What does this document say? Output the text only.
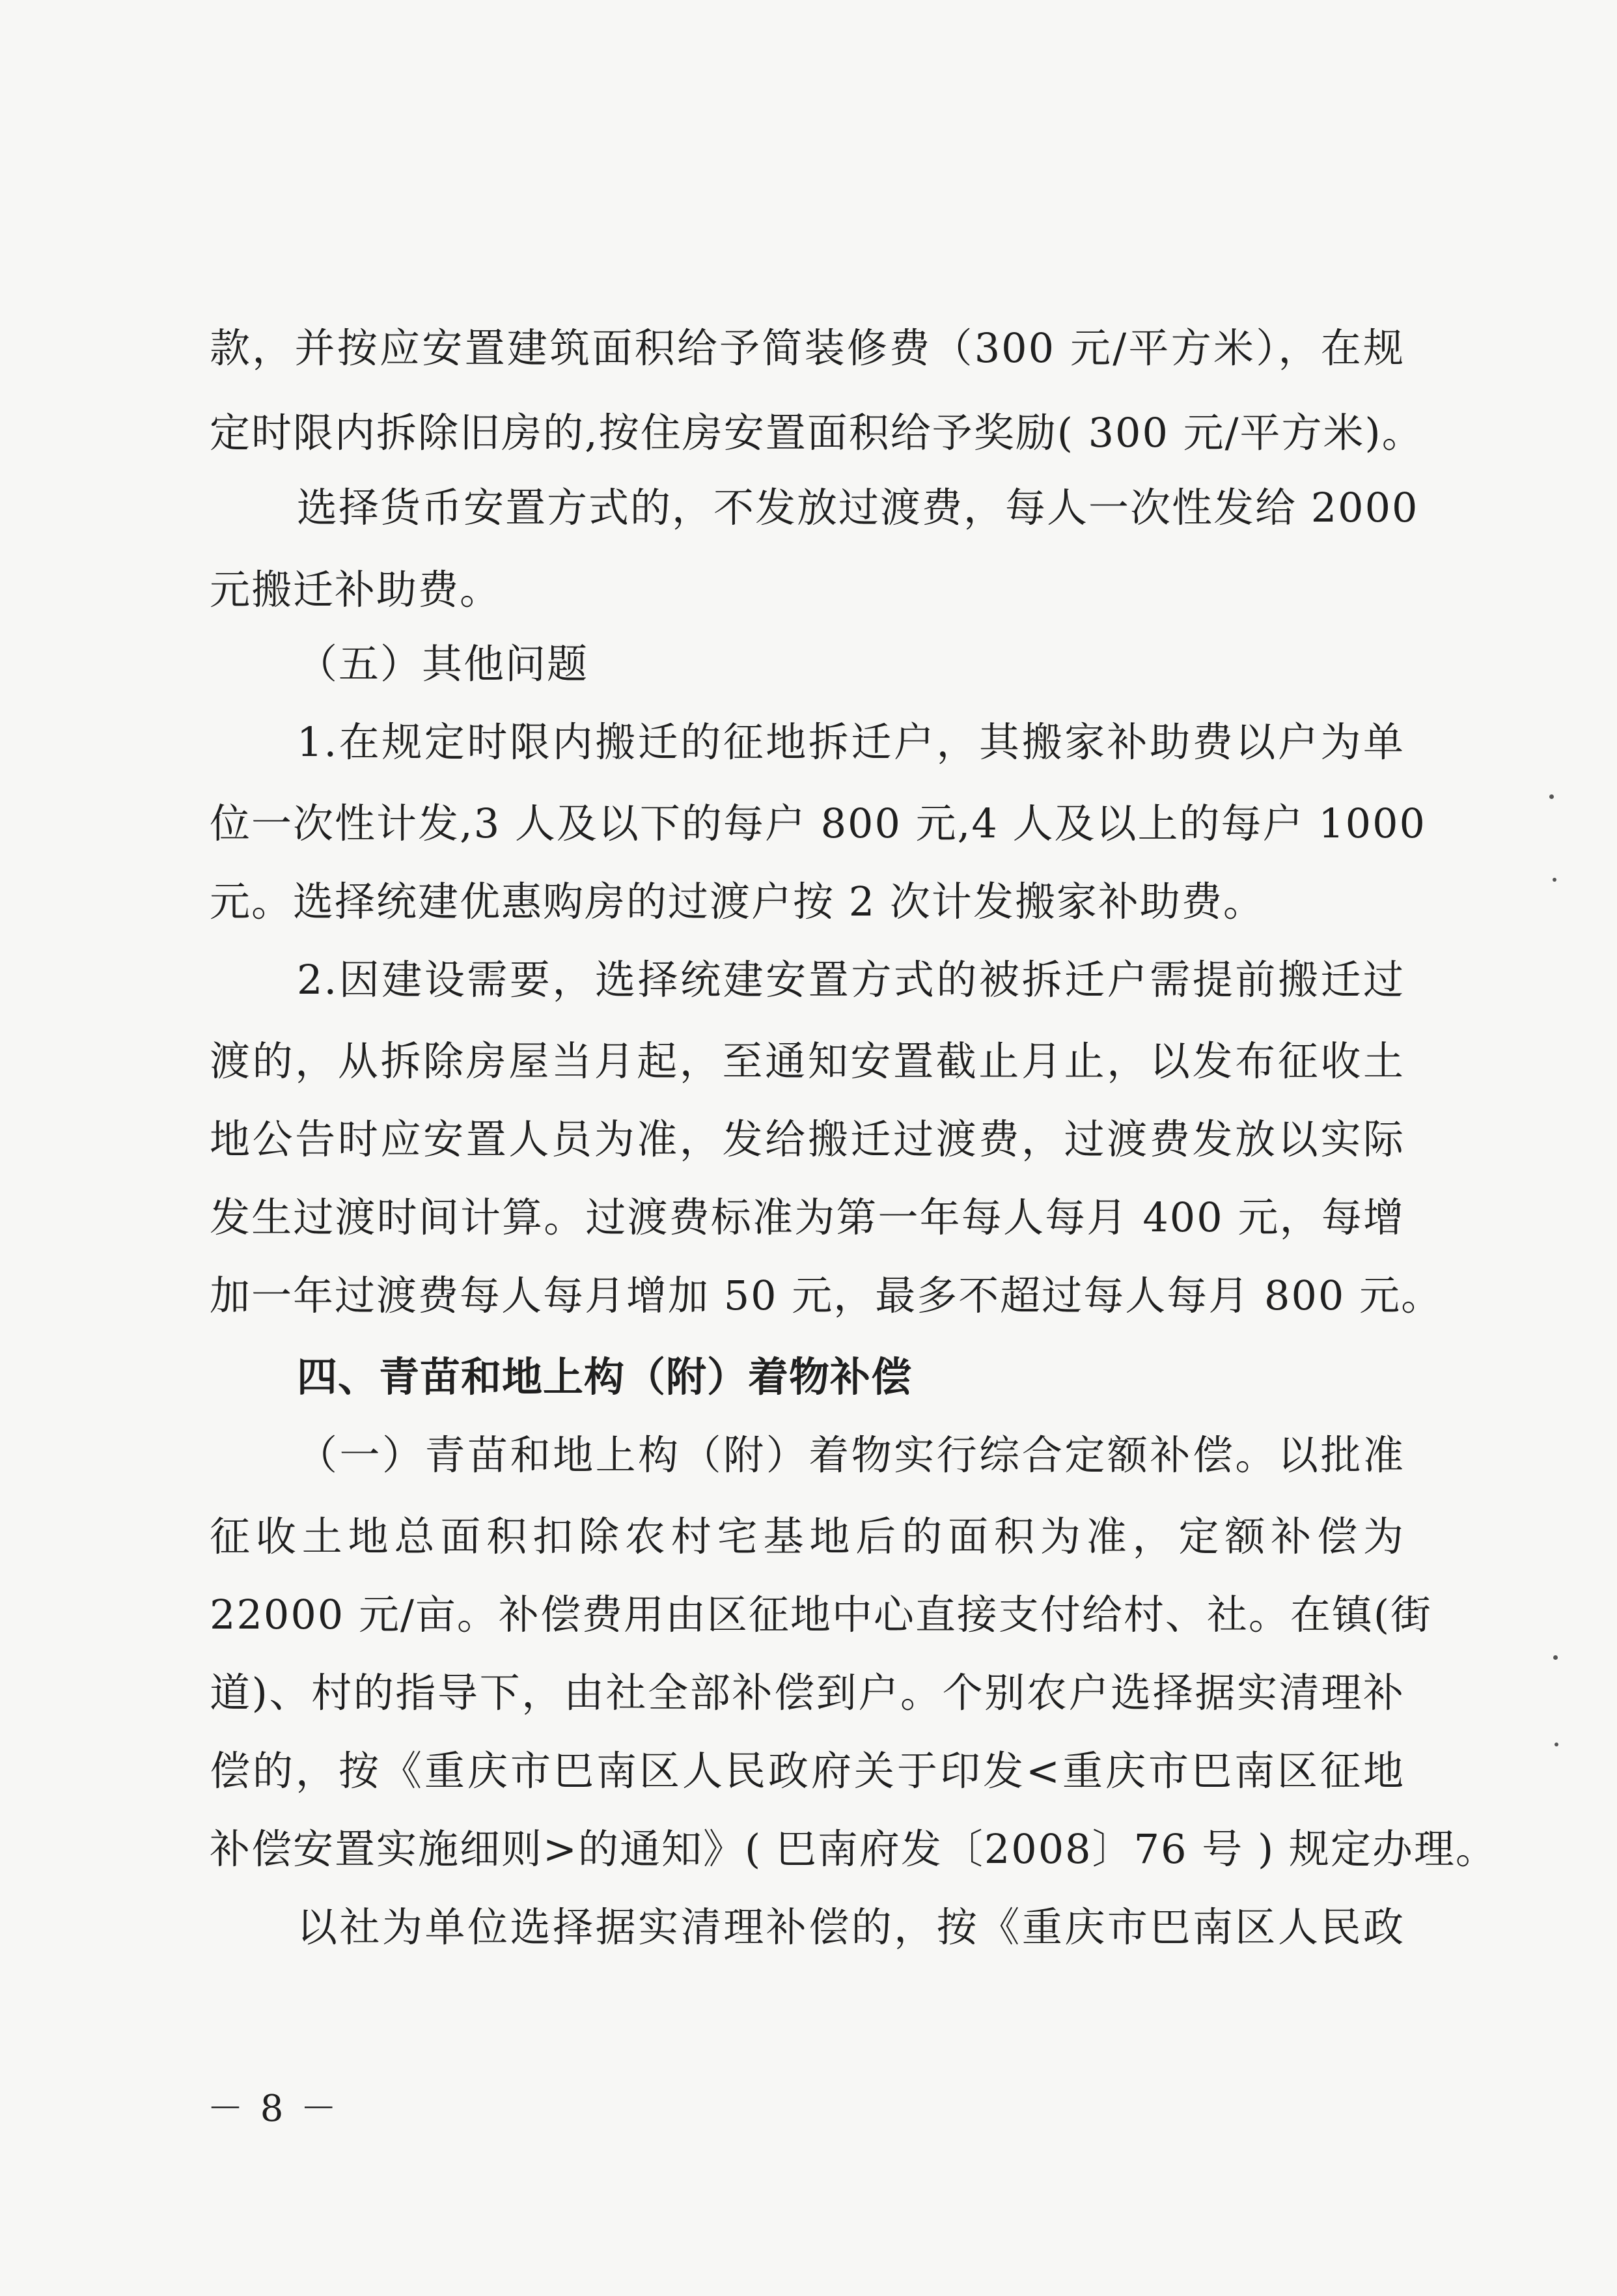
款，并按应安置建筑面积给予简装修费（300 元/平方米），在规
定时限内拆除旧房的,按住房安置面积给予奖励( 300 元/平方米)。
选择货币安置方式的，不发放过渡费，每人一次性发给 2000
元搬迁补助费。
（五）其他问题
1.在规定时限内搬迁的征地拆迁户，其搬家补助费以户为单
位一次性计发,3 人及以下的每户 800 元,4 人及以上的每户 1000
元。选择统建优惠购房的过渡户按 2 次计发搬家补助费。
2.因建设需要，选择统建安置方式的被拆迁户需提前搬迁过
渡的，从拆除房屋当月起，至通知安置截止月止，以发布征收土
地公告时应安置人员为准，发给搬迁过渡费，过渡费发放以实际
发生过渡时间计算。过渡费标准为第一年每人每月 400 元，每增
加一年过渡费每人每月增加 50 元，最多不超过每人每月 800 元。
四、青苗和地上构（附）着物补偿
（一）青苗和地上构（附）着物实行综合定额补偿。以批准
征收土地总面积扣除农村宅基地后的面积为准，定额补偿为
22000 元/亩。补偿费用由区征地中心直接支付给村、社。在镇(街
道)、村的指导下，由社全部补偿到户。个别农户选择据实清理补
偿的，按《重庆市巴南区人民政府关于印发<重庆市巴南区征地
补偿安置实施细则>的通知》( 巴南府发〔2008〕76 号 ) 规定办理。
以社为单位选择据实清理补偿的，按《重庆市巴南区人民政
－ 8 －
